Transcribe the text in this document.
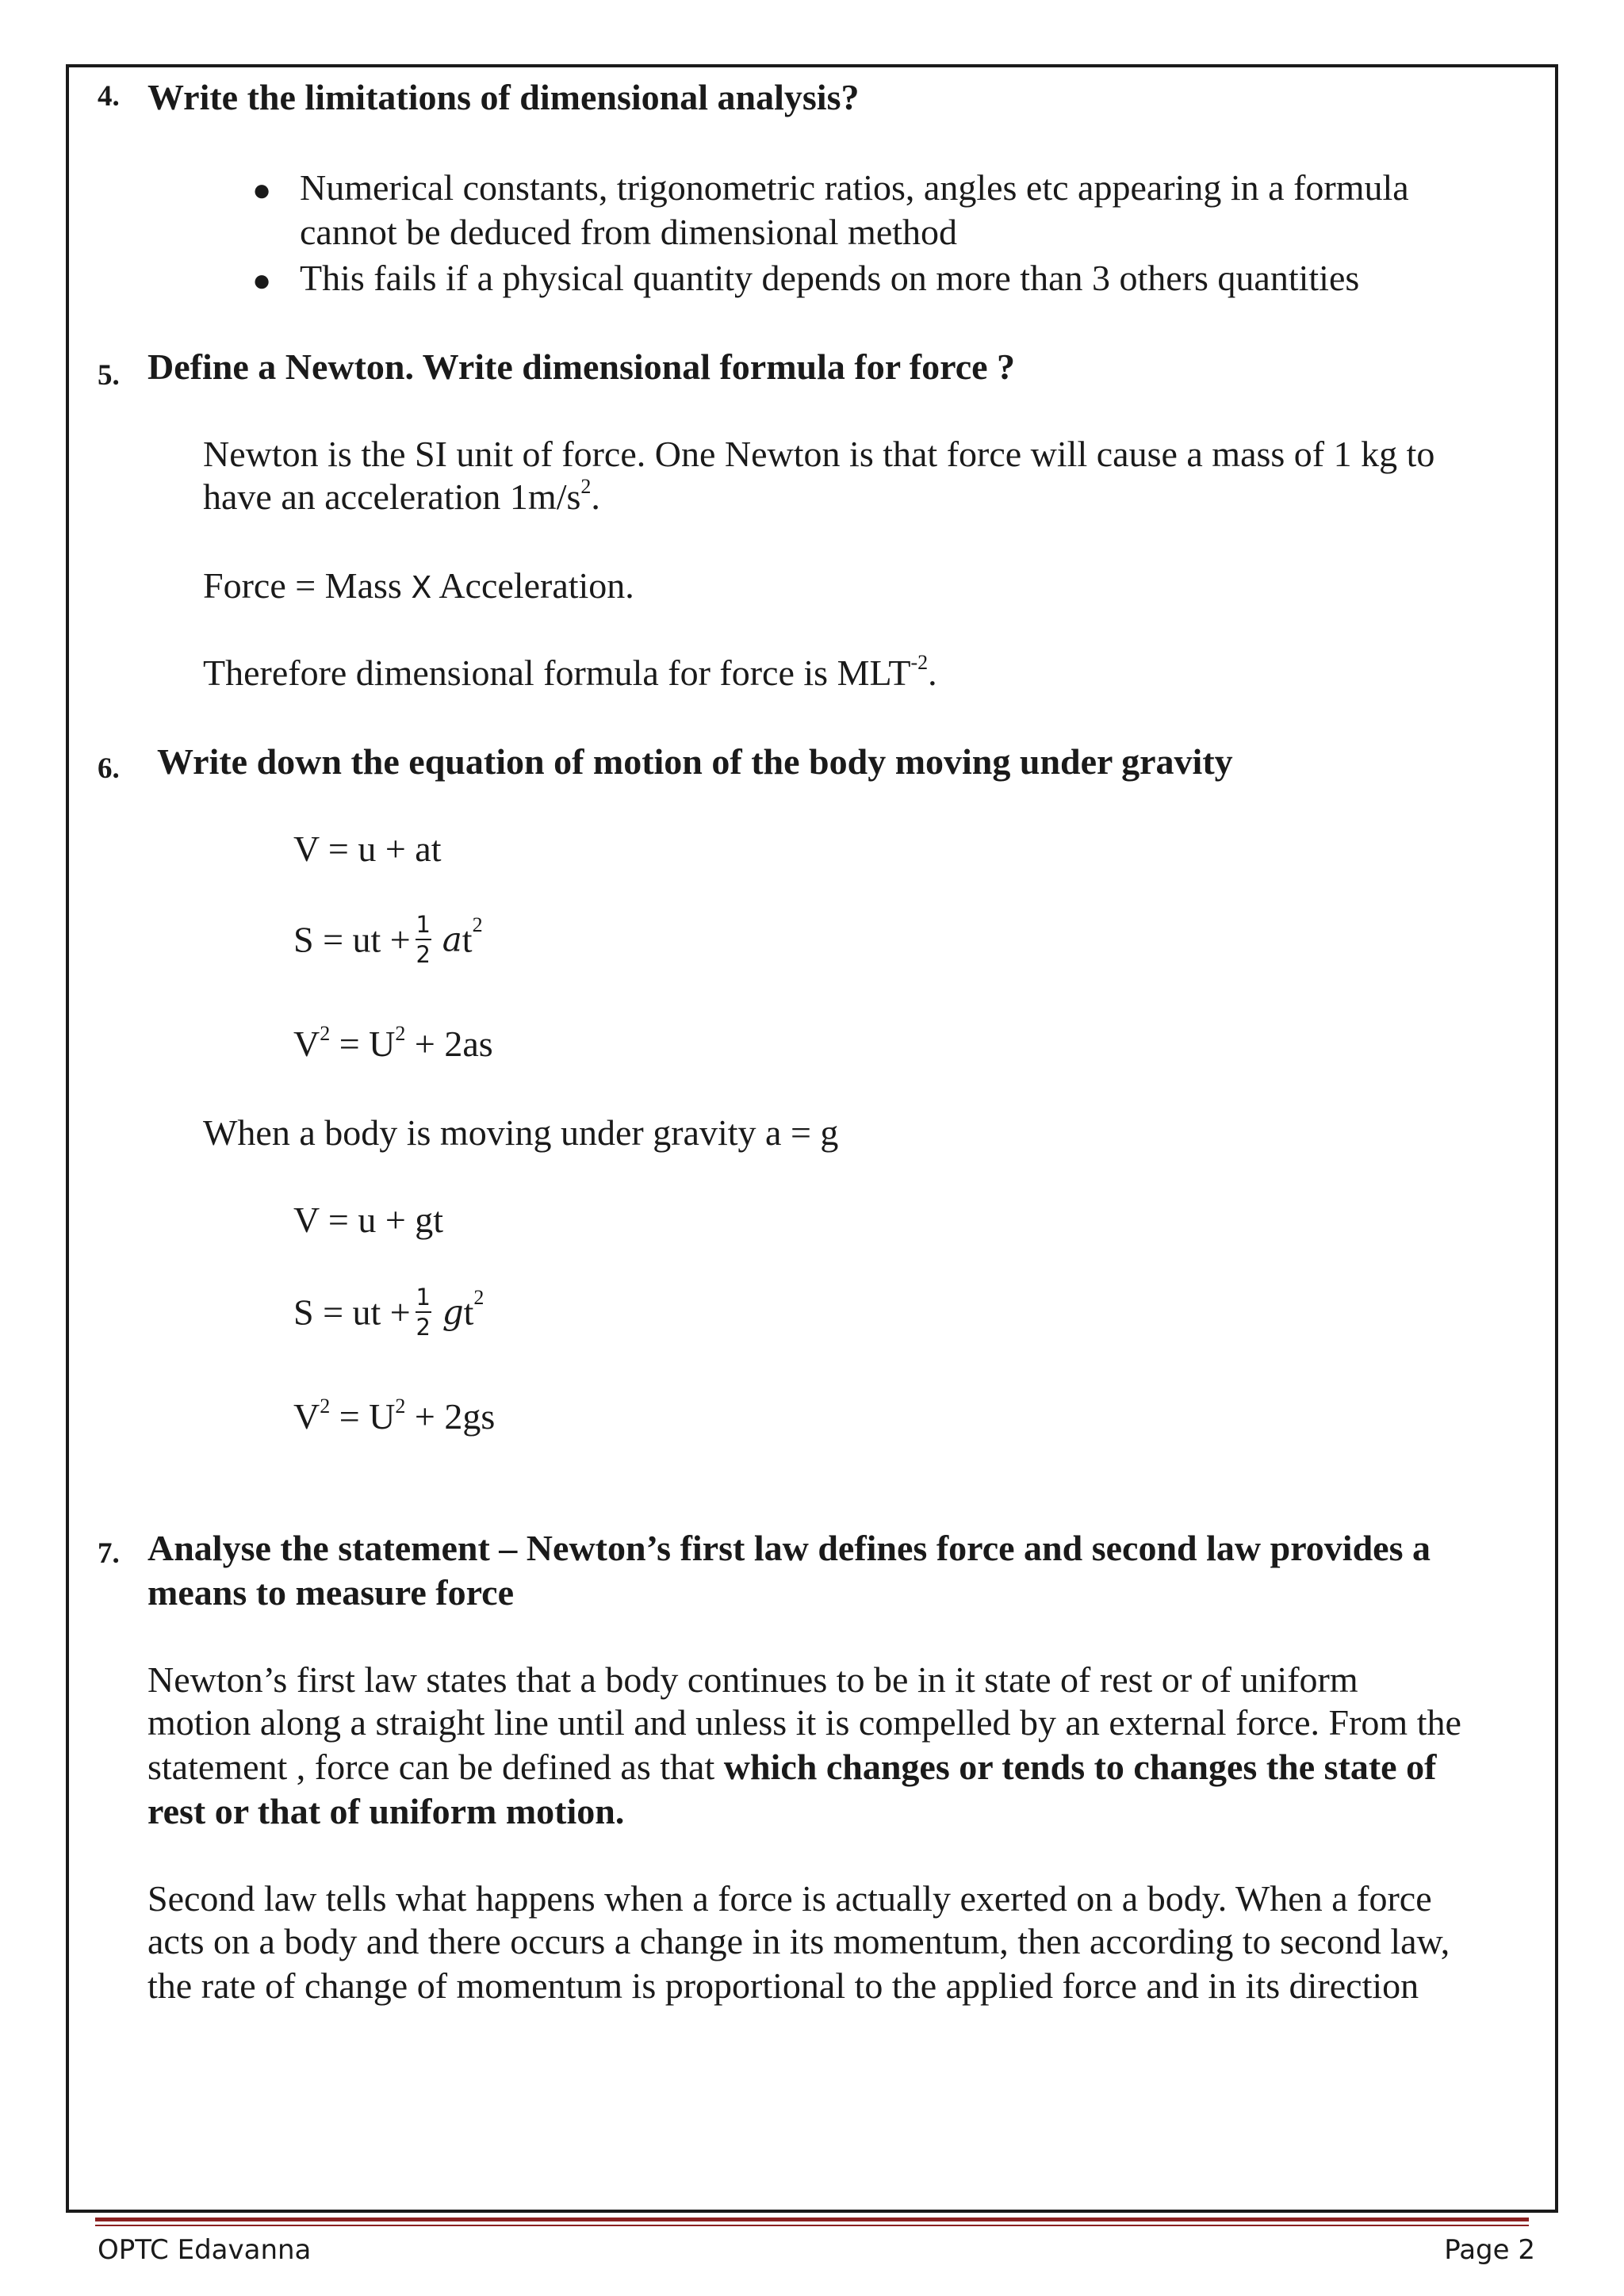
4. Write the limitations of dimensional analysis?
● Numerical constants, trigonometric ratios, angles etc appearing in a formula
cannot be deduced from dimensional method
● This fails if a physical quantity depends on more than 3 others quantities
5. Define a Newton. Write dimensional formula for force ?
Newton is the SI unit of force. One Newton is that force will cause a mass of 1 kg to
have an acceleration $1m/s^2$.
Force = Mass X Acceleration.
Therefore dimensional formula for force is $MLT^{-2}$.
6. Write down the equation of motion of the body moving under gravity
V = u + at
S = ut + $\frac{1}{2} at^2$
$V^2 = U^2 + 2as$
When a body is moving under gravity a = g
V = u + gt
S = ut + $\frac{1}{2} gt^2$
$V^2 = U^2 + 2gs$
7. Analyse the statement – Newton’s first law defines force and second law provides a
means to measure force
Newton’s first law states that a body continues to be in it state of rest or of uniform
motion along a straight line until and unless it is compelled by an external force. From the
statement , force can be defined as that which changes or tends to changes the state of
rest or that of uniform motion.
Second law tells what happens when a force is actually exerted on a body. When a force
acts on a body and there occurs a change in its momentum, then according to second law,
the rate of change of momentum is proportional to the applied force and in its direction
OPTC Edavanna	Page 2
